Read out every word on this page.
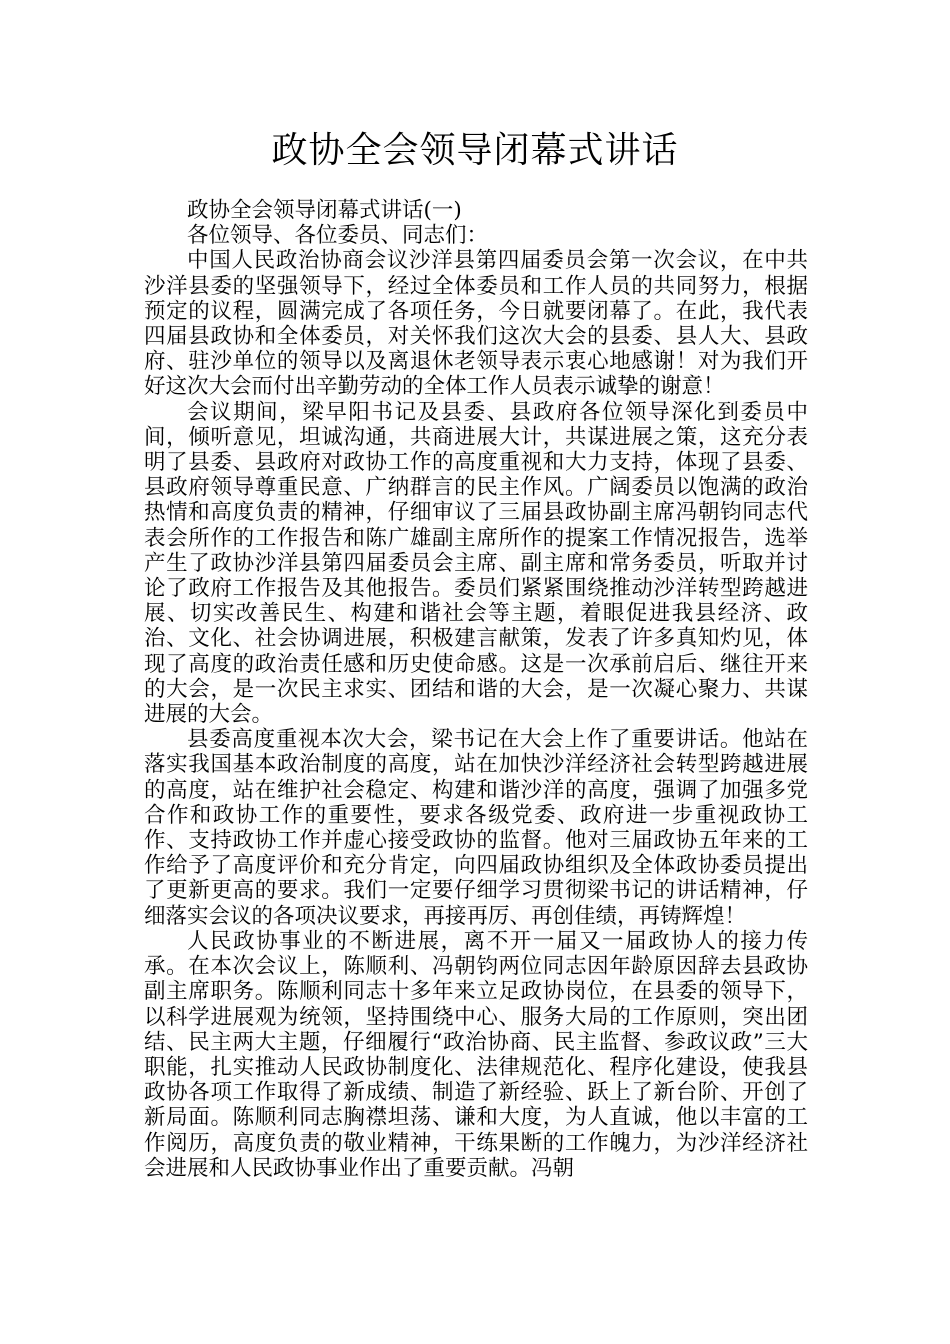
政协全会领导闭幕式讲话

政协全会领导闭幕式讲话(一)

各位领导、各位委员、同志们：

中国人民政治协商会议沙洋县第四届委员会第一次会议，在中共沙洋县委的坚强领导下，经过全体委员和工作人员的共同努力，根据预定的议程，圆满完成了各项任务，今日就要闭幕了。在此，我代表四届县政协和全体委员，对关怀我们这次大会的县委、县人大、县政府、驻沙单位的领导以及离退休老领导表示衷心地感谢！对为我们开好这次大会而付出辛勤劳动的全体工作人员表示诚挚的谢意！

会议期间，梁早阳书记及县委、县政府各位领导深化到委员中间，倾听意见，坦诚沟通，共商进展大计，共谋进展之策，这充分表明了县委、县政府对政协工作的高度重视和大力支持，体现了县委、县政府领导尊重民意、广纳群言的民主作风。广阔委员以饱满的政治热情和高度负责的精神，仔细审议了三届县政协副主席冯朝钧同志代表会所作的工作报告和陈广雄副主席所作的提案工作情况报告，选举产生了政协沙洋县第四届委员会主席、副主席和常务委员，听取并讨论了政府工作报告及其他报告。委员们紧紧围绕推动沙洋转型跨越进展、切实改善民生、构建和谐社会等主题，着眼促进我县经济、政治、文化、社会协调进展，积极建言献策，发表了许多真知灼见，体现了高度的政治责任感和历史使命感。这是一次承前启后、继往开来的大会，是一次民主求实、团结和谐的大会，是一次凝心聚力、共谋进展的大会。

县委高度重视本次大会，梁书记在大会上作了重要讲话。他站在落实我国基本政治制度的高度，站在加快沙洋经济社会转型跨越进展的高度，站在维护社会稳定、构建和谐沙洋的高度，强调了加强多党合作和政协工作的重要性，要求各级党委、政府进一步重视政协工作、支持政协工作并虚心接受政协的监督。他对三届政协五年来的工作给予了高度评价和充分肯定，向四届政协组织及全体政协委员提出了更新更高的要求。我们一定要仔细学习贯彻梁书记的讲话精神，仔细落实会议的各项决议要求，再接再厉、再创佳绩，再铸辉煌！

人民政协事业的不断进展，离不开一届又一届政协人的接力传承。在本次会议上，陈顺利、冯朝钧两位同志因年龄原因辞去县政协副主席职务。陈顺利同志十多年来立足政协岗位，在县委的领导下，以科学进展观为统领，坚持围绕中心、服务大局的工作原则，突出团结、民主两大主题，仔细履行“政治协商、民主监督、参政议政”三大职能，扎实推动人民政协制度化、法律规范化、程序化建设，使我县政协各项工作取得了新成绩、制造了新经验、跃上了新台阶、开创了新局面。陈顺利同志胸襟坦荡、谦和大度，为人直诚，他以丰富的工作阅历，高度负责的敬业精神，干练果断的工作魄力，为沙洋经济社会进展和人民政协事业作出了重要贡献。冯朝
